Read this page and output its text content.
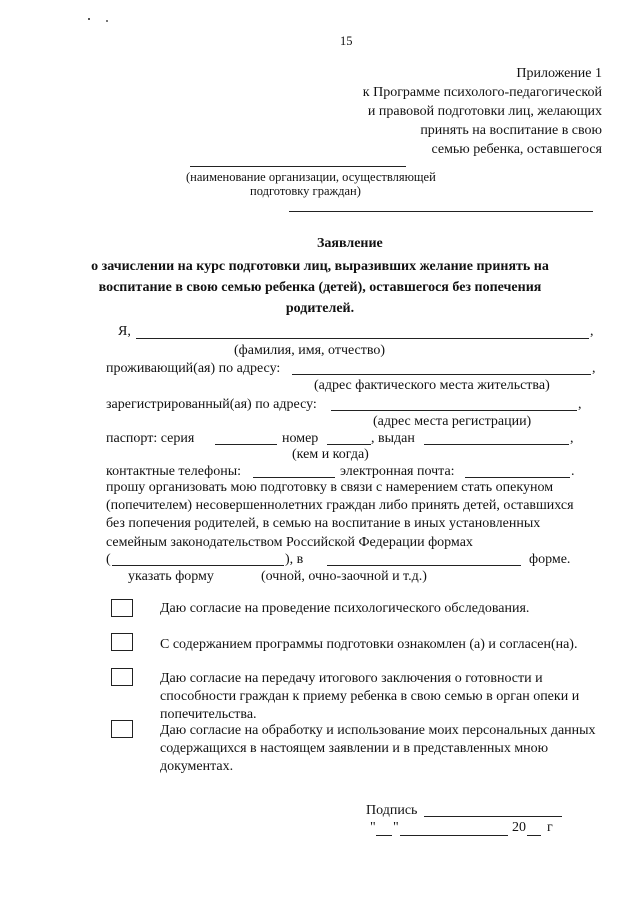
15
Приложение 1
к Программе психолого-педагогической
и правовой подготовки лиц, желающих
принять на воспитание в свою
семью ребенка, оставшегося
(наименование организации, осуществляющей
подготовку граждан)
Заявление
о зачислении на курс подготовки лиц, выразивших желание принять на
воспитание в свою семью ребенка (детей), оставшегося без попечения
родителей.
Я,	,
(фамилия, имя, отчество)
проживающий(ая) по адресу:	,
(адрес фактического места жительства)
зарегистрированный(ая) по адресу:	,
(адрес места регистрации)
паспорт: серия	номер	, выдан	,
(кем и когда)
контактные телефоны:	электронная почта:	.
прошу организовать мою подготовку в связи с намерением стать опекуном
(попечителем) несовершеннолетних граждан либо принять детей, оставшихся
без попечения родителей, в семью на воспитание в иных установленных
семейным законодательством Российской Федерации формах
(	), в	форме.
указать форму	(очной, очно-заочной и т.д.)
Даю согласие на проведение психологического обследования.
С содержанием программы подготовки ознакомлен (а) и согласен(на).
Даю согласие на передачу итогового заключения о готовности и
способности граждан к приему ребенка в свою семью в орган опеки и
попечительства.
Даю согласие на обработку и использование моих персональных данных
содержащихся в настоящем заявлении и в представленных мною
документах.
Подпись
" "	20 г
